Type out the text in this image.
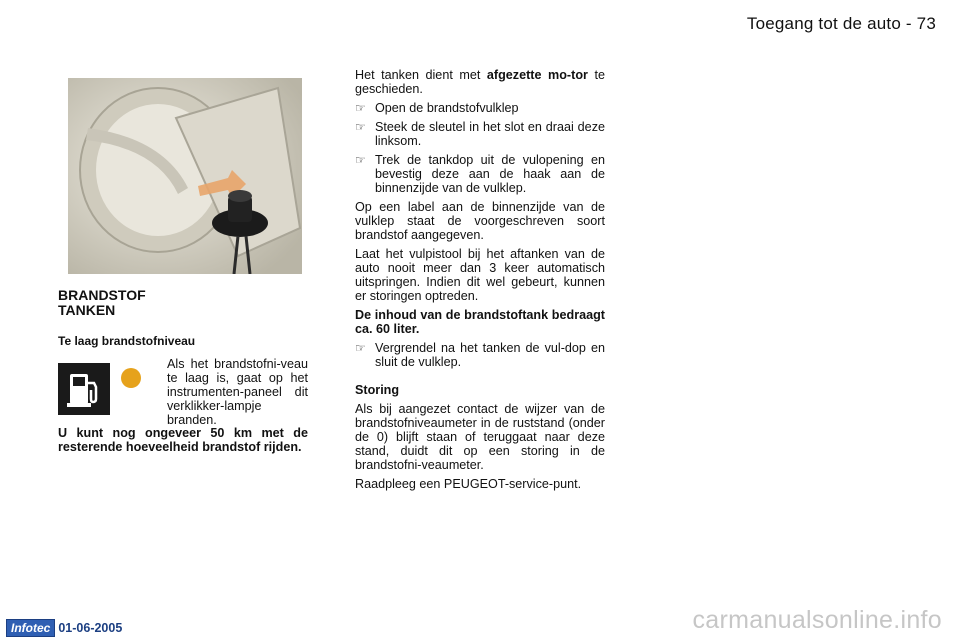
Toegang tot de auto - 73
BRANDSTOF
TANKEN
Te laag brandstofniveau
Als het brandstofni-veau te laag is, gaat op het instrumenten-paneel dit verklikker-lampje branden.
U kunt nog ongeveer 50 km met de resterende hoeveelheid brandstof rijden.

Het tanken dient met afgezette mo-tor te geschieden.

☞ Open de brandstofvulklep
☞ Steek de sleutel in het slot en draai deze linksom.
☞ Trek de tankdop uit de vulopening en bevestig deze aan de haak aan de binnenzijde van de vulklep.

Op een label aan de binnenzijde van de vulklep staat de voorgeschreven soort brandstof aangegeven.

Laat het vulpistool bij het aftanken van de auto nooit meer dan 3 keer automatisch uitspringen. Indien dit wel gebeurt, kunnen er storingen optreden.

De inhoud van de brandstoftank bedraagt ca. 60 liter.

☞ Vergrendel na het tanken de vul-dop en sluit de vulklep.

Storing

Als bij aangezet contact de wijzer van de brandstofniveaumeter in de ruststand (onder de 0) blijft staan of teruggaat naar deze stand, duidt dit op een storing in de brandstofni-veaumeter.

Raadpleeg een PEUGEOT-service-punt.

Infotec 01-06-2005	carmanualsonline.info
